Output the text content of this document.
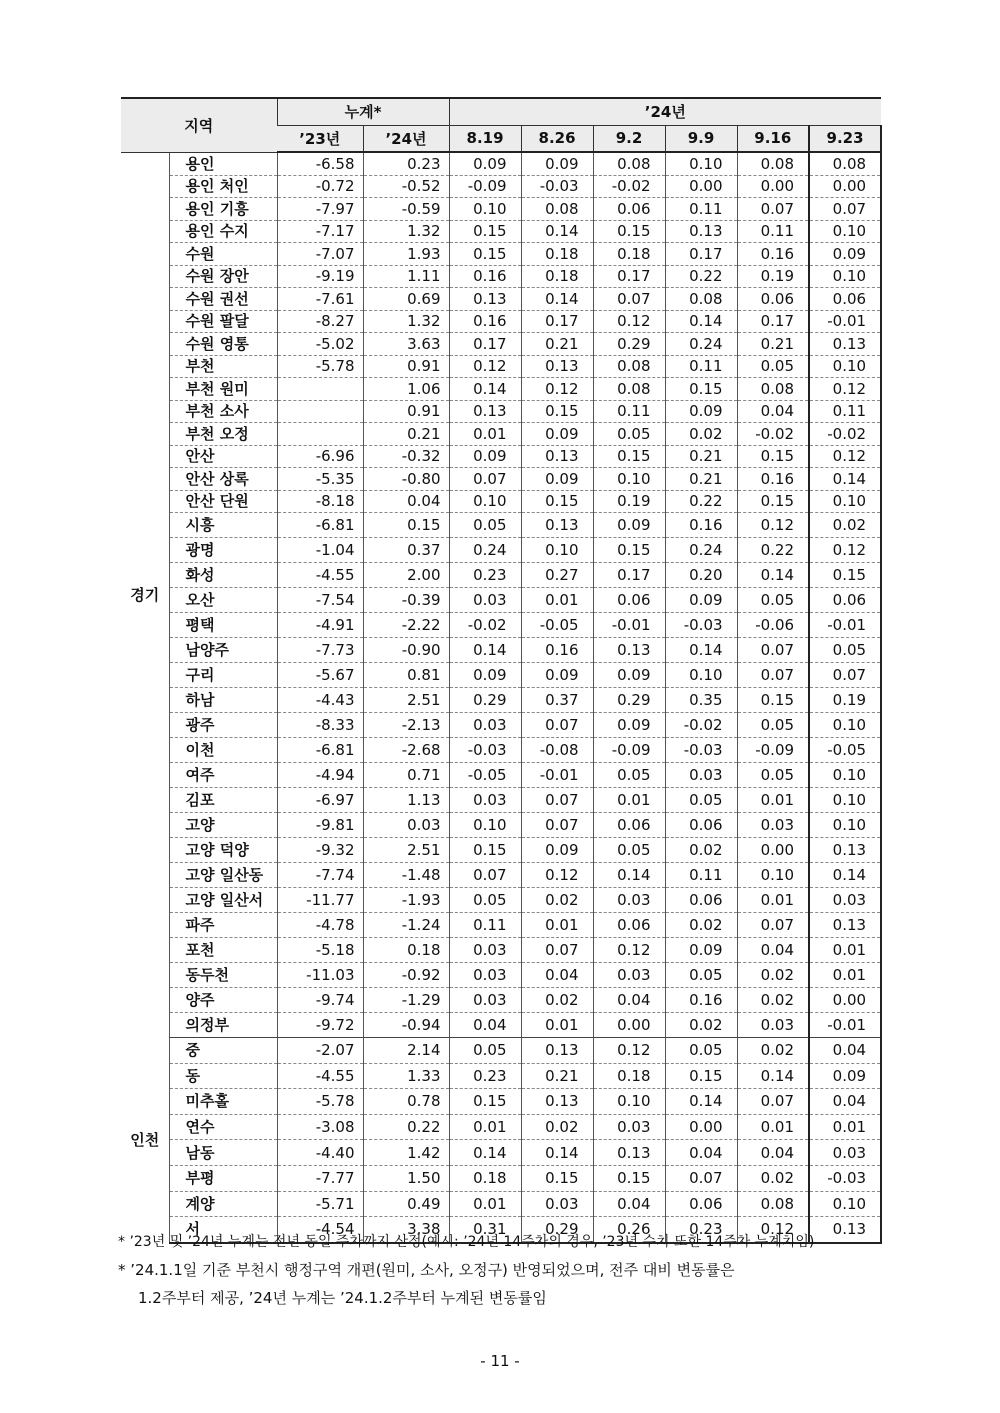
지역		누계*		’24년					
		’23년	’24년	8.19	8.26	9.2	9.9	9.16	9.23
경기	용인	-6.58	0.23	0.09	0.09	0.08	0.10	0.08	0.08
	용인 처인	-0.72	-0.52	-0.09	-0.03	-0.02	0.00	0.00	0.00
	용인 기흥	-7.97	-0.59	0.10	0.08	0.06	0.11	0.07	0.07
	용인 수지	-7.17	1.32	0.15	0.14	0.15	0.13	0.11	0.10
	수원	-7.07	1.93	0.15	0.18	0.18	0.17	0.16	0.09
	수원 장안	-9.19	1.11	0.16	0.18	0.17	0.22	0.19	0.10
	수원 권선	-7.61	0.69	0.13	0.14	0.07	0.08	0.06	0.06
	수원 팔달	-8.27	1.32	0.16	0.17	0.12	0.14	0.17	-0.01
	수원 영통	-5.02	3.63	0.17	0.21	0.29	0.24	0.21	0.13
	부천	-5.78	0.91	0.12	0.13	0.08	0.11	0.05	0.10
	부천 원미		1.06	0.14	0.12	0.08	0.15	0.08	0.12
	부천 소사		0.91	0.13	0.15	0.11	0.09	0.04	0.11
	부천 오정		0.21	0.01	0.09	0.05	0.02	-0.02	-0.02
	안산	-6.96	-0.32	0.09	0.13	0.15	0.21	0.15	0.12
	안산 상록	-5.35	-0.80	0.07	0.09	0.10	0.21	0.16	0.14
	안산 단원	-8.18	0.04	0.10	0.15	0.19	0.22	0.15	0.10
	시흥	-6.81	0.15	0.05	0.13	0.09	0.16	0.12	0.02
	광명	-1.04	0.37	0.24	0.10	0.15	0.24	0.22	0.12
	화성	-4.55	2.00	0.23	0.27	0.17	0.20	0.14	0.15
	오산	-7.54	-0.39	0.03	0.01	0.06	0.09	0.05	0.06
	평택	-4.91	-2.22	-0.02	-0.05	-0.01	-0.03	-0.06	-0.01
	남양주	-7.73	-0.90	0.14	0.16	0.13	0.14	0.07	0.05
	구리	-5.67	0.81	0.09	0.09	0.09	0.10	0.07	0.07
	하남	-4.43	2.51	0.29	0.37	0.29	0.35	0.15	0.19
	광주	-8.33	-2.13	0.03	0.07	0.09	-0.02	0.05	0.10
	이천	-6.81	-2.68	-0.03	-0.08	-0.09	-0.03	-0.09	-0.05
	여주	-4.94	0.71	-0.05	-0.01	0.05	0.03	0.05	0.10
	김포	-6.97	1.13	0.03	0.07	0.01	0.05	0.01	0.10
	고양	-9.81	0.03	0.10	0.07	0.06	0.06	0.03	0.10
	고양 덕양	-9.32	2.51	0.15	0.09	0.05	0.02	0.00	0.13
	고양 일산동	-7.74	-1.48	0.07	0.12	0.14	0.11	0.10	0.14
	고양 일산서	-11.77	-1.93	0.05	0.02	0.03	0.06	0.01	0.03
	파주	-4.78	-1.24	0.11	0.01	0.06	0.02	0.07	0.13
	포천	-5.18	0.18	0.03	0.07	0.12	0.09	0.04	0.01
	동두천	-11.03	-0.92	0.03	0.04	0.03	0.05	0.02	0.01
	양주	-9.74	-1.29	0.03	0.02	0.04	0.16	0.02	0.00
	의정부	-9.72	-0.94	0.04	0.01	0.00	0.02	0.03	-0.01
인천	중	-2.07	2.14	0.05	0.13	0.12	0.05	0.02	0.04
	동	-4.55	1.33	0.23	0.21	0.18	0.15	0.14	0.09
	미추홀	-5.78	0.78	0.15	0.13	0.10	0.14	0.07	0.04
	연수	-3.08	0.22	0.01	0.02	0.03	0.00	0.01	0.01
	남동	-4.40	1.42	0.14	0.14	0.13	0.04	0.04	0.03
	부평	-7.77	1.50	0.18	0.15	0.15	0.07	0.02	-0.03
	계양	-5.71	0.49	0.01	0.03	0.04	0.06	0.08	0.10
	서	-4.54	3.38	0.31	0.29	0.26	0.23	0.12	0.13

* ’23년 및 ’24년 누계는 전년 동일 주차까지 산정(예시: ’24년 14주차의 경우, ’23년 수치 또한 14주차 누계치임)

* ’24.1.1일 기준 부천시 행정구역 개편(원미, 소사, 오정구) 반영되었으며, 전주 대비 변동률은

1.2주부터 제공, ’24년 누계는 ’24.1.2주부터 누계된 변동률임

- 11 -
